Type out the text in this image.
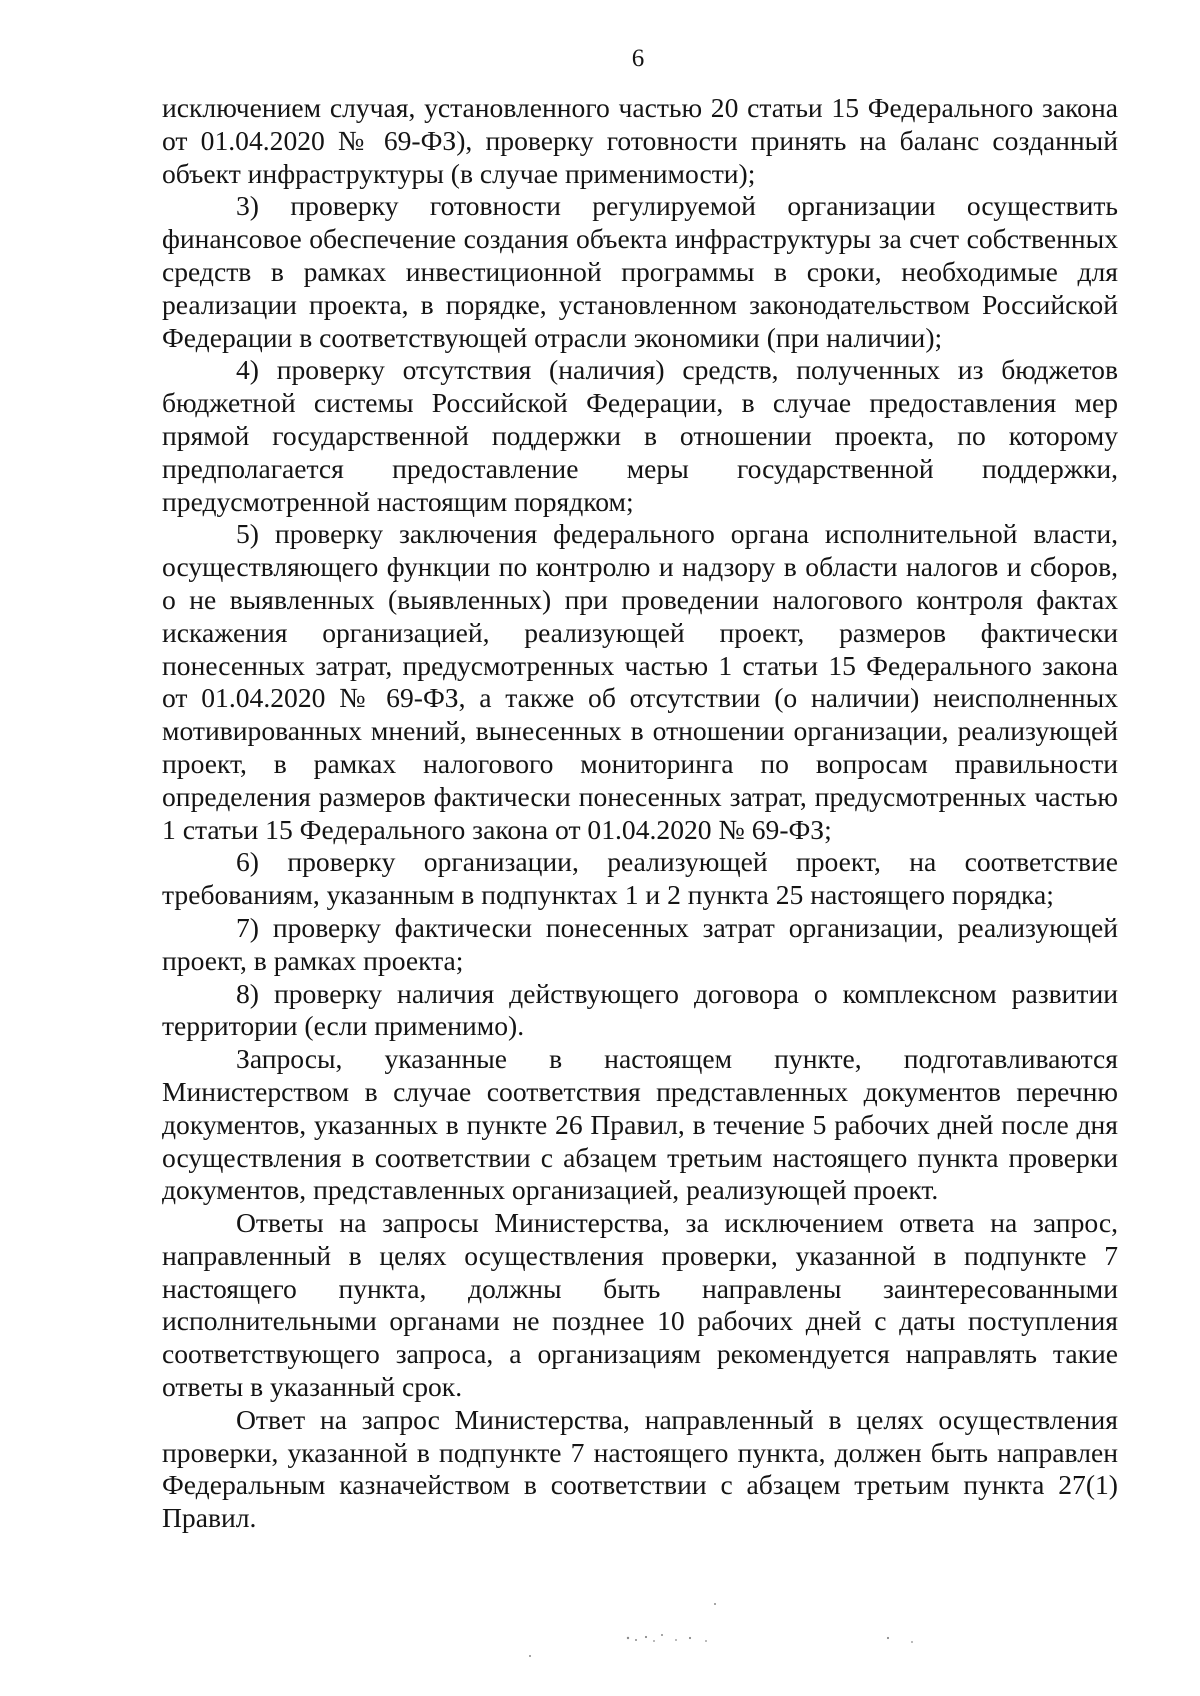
6

исключением случая, установленного частью 20 статьи 15 Федерального закона от 01.04.2020 № 69-ФЗ), проверку готовности принять на баланс созданный объект инфраструктуры (в случае применимости);

3) проверку готовности регулируемой организации осуществить финансовое обеспечение создания объекта инфраструктуры за счет собственных средств в рамках инвестиционной программы в сроки, необходимые для реализации проекта, в порядке, установленном законодательством Российской Федерации в соответствующей отрасли экономики (при наличии);

4) проверку отсутствия (наличия) средств, полученных из бюджетов бюджетной системы Российской Федерации, в случае предоставления мер прямой государственной поддержки в отношении проекта, по которому предполагается предоставление меры государственной поддержки, предусмотренной настоящим порядком;

5) проверку заключения федерального органа исполнительной власти, осуществляющего функции по контролю и надзору в области налогов и сборов, о не выявленных (выявленных) при проведении налогового контроля фактах искажения организацией, реализующей проект, размеров фактически понесенных затрат, предусмотренных частью 1 статьи 15 Федерального закона от 01.04.2020 № 69-ФЗ, а также об отсутствии (о наличии) неисполненных мотивированных мнений, вынесенных в отношении организации, реализующей проект, в рамках налогового мониторинга по вопросам правильности определения размеров фактически понесенных затрат, предусмотренных частью 1 статьи 15 Федерального закона от 01.04.2020 № 69-ФЗ;

6) проверку организации, реализующей проект, на соответствие требованиям, указанным в подпунктах 1 и 2 пункта 25 настоящего порядка;

7) проверку фактически понесенных затрат организации, реализующей проект, в рамках проекта;

8) проверку наличия действующего договора о комплексном развитии территории (если применимо).

Запросы, указанные в настоящем пункте, подготавливаются Министерством в случае соответствия представленных документов перечню документов, указанных в пункте 26 Правил, в течение 5 рабочих дней после дня осуществления в соответствии с абзацем третьим настоящего пункта проверки документов, представленных организацией, реализующей проект.

Ответы на запросы Министерства, за исключением ответа на запрос, направленный в целях осуществления проверки, указанной в подпункте 7 настоящего пункта, должны быть направлены заинтересованными исполнительными органами не позднее 10 рабочих дней с даты поступления соответствующего запроса, а организациям рекомендуется направлять такие ответы в указанный срок.

Ответ на запрос Министерства, направленный в целях осуществления проверки, указанной в подпункте 7 настоящего пункта, должен быть направлен Федеральным казначейством в соответствии с абзацем третьим пункта 27(1) Правил.
